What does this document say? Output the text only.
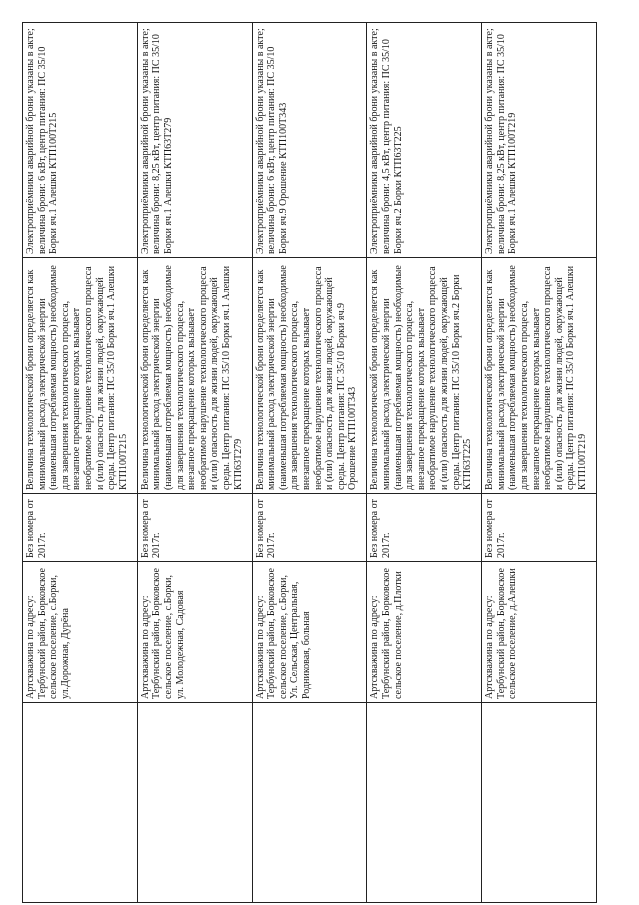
	Артскважина по адресу: Тербунский район, Борковское сельское поселение, с.Борки, ул.Дорожная, Дурёна	Без номера от 2017г.	Величина технологической брони определяется как минимальный расход электрической энергии (наименьшая потребляемая мощность) необходимые для завершения технологического процесса, внезапное прекращение которых вызывает необратимое нарушение технологического процесса и (или) опасность для жизни людей, окружающей среды. Центр питания: ПС 35/10 Борки яч.1 Алешки КТП100Т215	Электроприёмники аварийной брони указаны в акте; величина брони: 6 кВт, центр питания: ПС 35/10 Борки яч.1 Алешки КТП100Т215
	Артскважина по адресу: Тербунский район, Борковское сельское поселение, с.Борки, ул. Молодежная, Садовая	Без номера от 2017г.	Величина технологической брони определяется как минимальный расход электрической энергии (наименьшая потребляемая мощность) необходимые для завершения технологического процесса, внезапное прекращение которых вызывает необратимое нарушение технологического процесса и (или) опасность для жизни людей, окружающей среды. Центр питания: ПС 35/10 Борки яч.1 Алешки КТП63Т279	Электроприёмники аварийной брони указаны в акте; величина брони: 8,25 кВт, центр питания: ПС 35/10 Борки яч.1 Алешки КТП63Т279
	Артскважина по адресу: Тербунский район, Борковское сельское поселение, с.Борки, Ул. Сельская, Центральная, Родниковая, больная	Без номера от 2017г.	Величина технологической брони определяется как минимальный расход электрической энергии (наименьшая потребляемая мощность) необходимые для завершения технологического процесса, внезапное прекращение которых вызывает необратимое нарушение технологического процесса и (или) опасность для жизни людей, окружающей среды. Центр питания: ПС 35/10 Борки яч.9 Орошение КТП100Т343	Электроприёмники аварийной брони указаны в акте; величина брони: 6 кВт, центр питания: ПС 35/10 Борки яч.9 Орошение КТП100Т343
	Артскважина по адресу: Тербунский район, Борковское сельское поселение, д.Плотки	Без номера от 2017г.	Величина технологической брони определяется как минимальный расход электрической энергии (наименьшая потребляемая мощность) необходимые для завершения технологического процесса, внезапное прекращение которых вызывает необратимое нарушение технологического процесса и (или) опасность для жизни людей, окружающей среды. Центр питания: ПС 35/10 Борки яч.2 Борки КТП63Т225	Электроприёмники аварийной брони указаны в акте; величина брони: 4,5 кВт, центр питания: ПС 35/10 Борки яч.2 Борки КТП63Т225
	Артскважина по адресу: Тербунский район, Борковское сельское поселение, д.Алешки	Без номера от 2017г.	Величина технологической брони определяется как минимальный расход электрической энергии (наименьшая потребляемая мощность) необходимые для завершения технологического процесса, внезапное прекращение которых вызывает необратимое нарушение технологического процесса и (или) опасность для жизни людей, окружающей среды. Центр питания: ПС 35/10 Борки яч.1 Алешки КТП100Т219	Электроприёмники аварийной брони указаны в акте; величина брони: 8,25 кВт, центр питания: ПС 35/10 Борки яч.1 Алешки КТП100Т219
